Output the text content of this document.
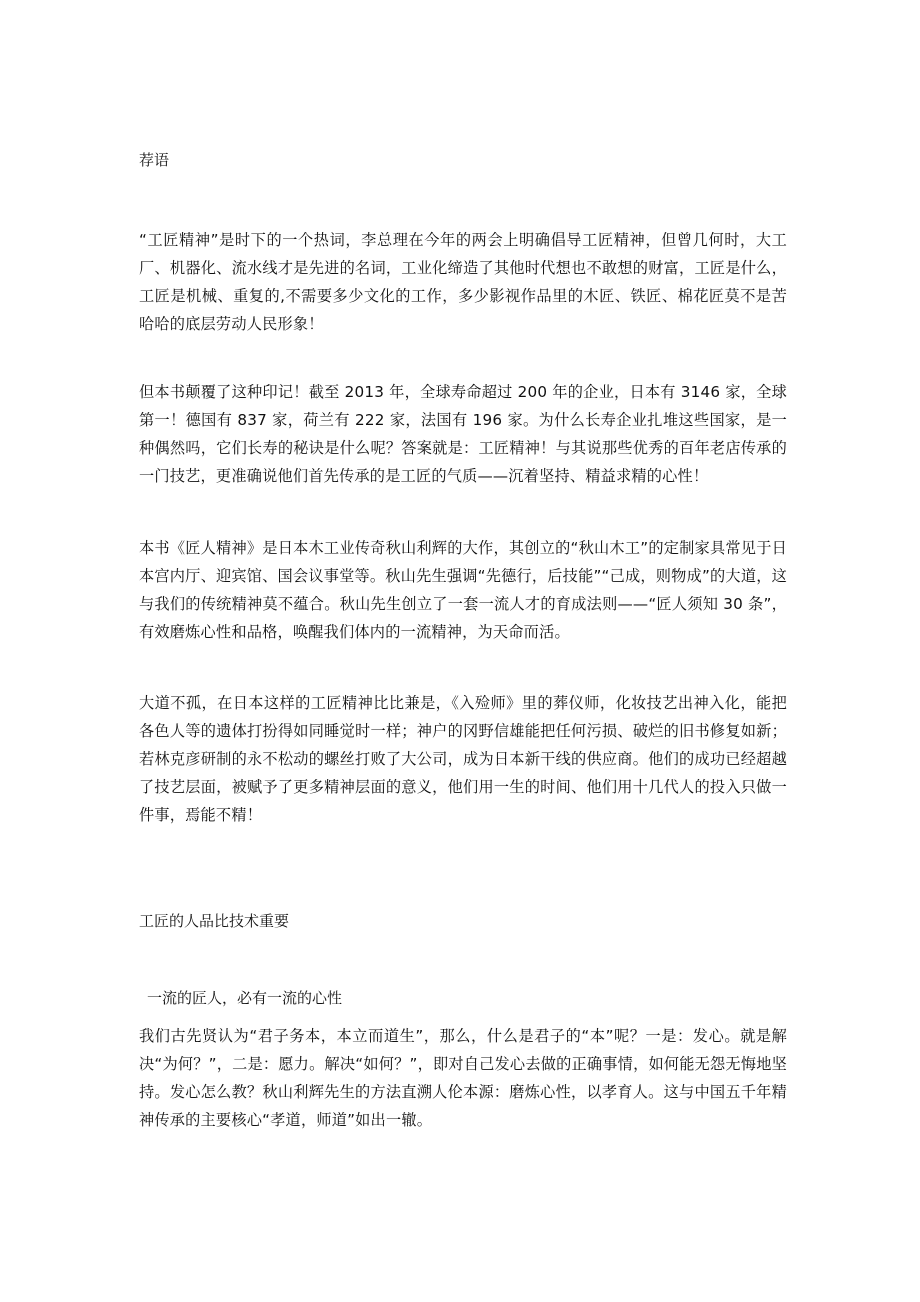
荐语

“工匠精神”是时下的一个热词，李总理在今年的两会上明确倡导工匠精神，但曾几何时，大工厂、机器化、流水线才是先进的名词，工业化缔造了其他时代想也不敢想的财富，工匠是什么，工匠是机械、重复的,不需要多少文化的工作，多少影视作品里的木匠、铁匠、棉花匠莫不是苦哈哈的底层劳动人民形象！

但本书颠覆了这种印记！截至 2013 年，全球寿命超过 200 年的企业，日本有 3146 家，全球第一！德国有 837 家，荷兰有 222 家，法国有 196 家。为什么长寿企业扎堆这些国家，是一种偶然吗，它们长寿的秘诀是什么呢？答案就是：工匠精神！与其说那些优秀的百年老店传承的一门技艺，更准确说他们首先传承的是工匠的气质——沉着坚持、精益求精的心性！

本书《匠人精神》是日本木工业传奇秋山利辉的大作，其创立的“秋山木工”的定制家具常见于日本宫内厅、迎宾馆、国会议事堂等。秋山先生强调“先德行，后技能”“己成，则物成”的大道，这与我们的传统精神莫不蕴合。秋山先生创立了一套一流人才的育成法则——“匠人须知 30 条”，有效磨炼心性和品格，唤醒我们体内的一流精神，为天命而活。

大道不孤，在日本这样的工匠精神比比兼是，《入殓师》里的葬仪师，化妆技艺出神入化，能把各色人等的遗体打扮得如同睡觉时一样；神户的冈野信雄能把任何污损、破烂的旧书修复如新；若林克彦研制的永不松动的螺丝打败了大公司，成为日本新干线的供应商。他们的成功已经超越了技艺层面，被赋予了更多精神层面的意义，他们用一生的时间、他们用十几代人的投入只做一件事，焉能不精！

工匠的人品比技术重要

一流的匠人，必有一流的心性

我们古先贤认为“君子务本，本立而道生”，那么，什么是君子的“本”呢？一是：发心。就是解决“为何？”，二是：愿力。解决“如何？”，即对自己发心去做的正确事情，如何能无怨无悔地坚持。发心怎么教？秋山利辉先生的方法直溯人伦本源：磨炼心性，以孝育人。这与中国五千年精神传承的主要核心“孝道，师道”如出一辙。
